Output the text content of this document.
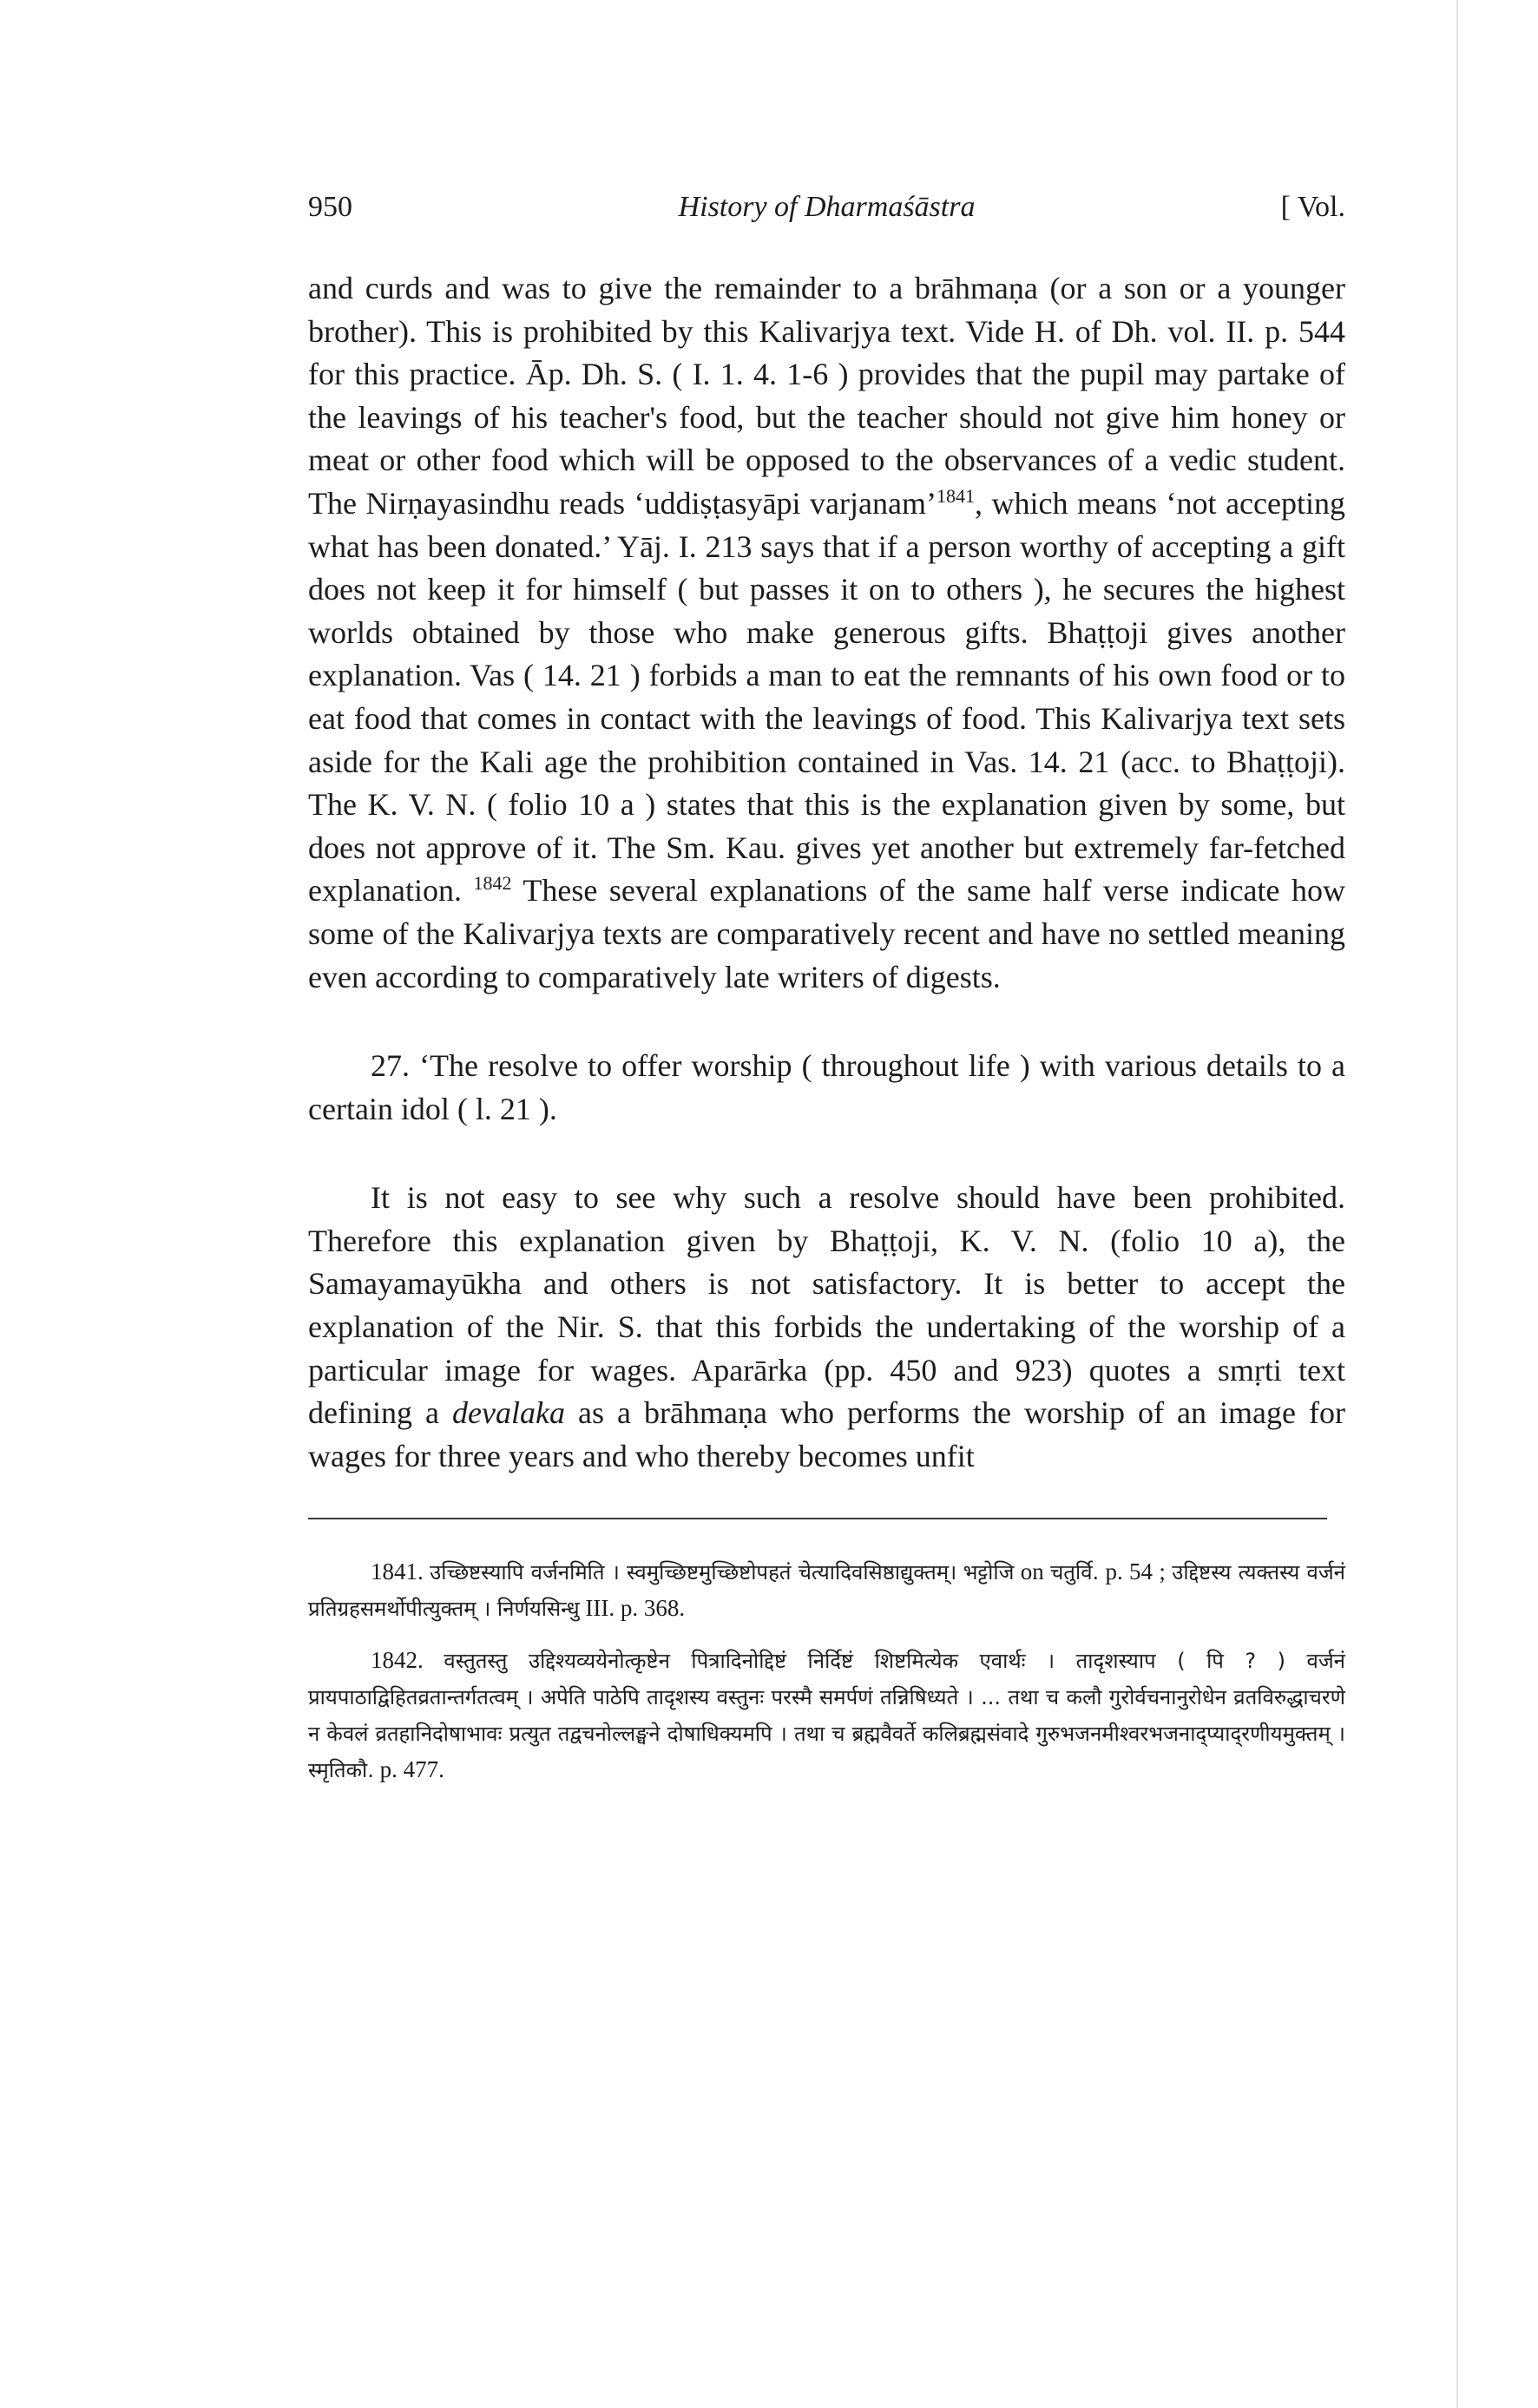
950	History of Dharmaśāstra	[ Vol.

and curds and was to give the remainder to a brāhmaṇa (or a son or a younger brother). This is prohibited by this Kalivarjya text. Vide H. of Dh. vol. II. p. 544 for this practice. Āp. Dh. S. ( I. 1. 4. 1-6 ) provides that the pupil may partake of the leavings of his teacher's food, but the teacher should not give him honey or meat or other food which will be opposed to the observances of a vedic student. The Nirṇayasindhu reads ‘uddiṣṭasyāpi varjanam’$^{1841}$, which means ‘not accepting what has been donated.’ Yāj. I. 213 says that if a person worthy of accepting a gift does not keep it for himself ( but passes it on to others ), he secures the highest worlds obtained by those who make generous gifts. Bhaṭṭoji gives another explanation. Vas ( 14. 21 ) forbids a man to eat the remnants of his own food or to eat food that comes in contact with the leavings of food. This Kalivarjya text sets aside for the Kali age the prohibition contained in Vas. 14. 21 (acc. to Bhaṭṭoji). The K. V. N. ( folio 10 a ) states that this is the explanation given by some, but does not approve of it. The Sm. Kau. gives yet another but extremely far-fetched explanation. $^{1842}$ These several explanations of the same half verse indicate how some of the Kalivarjya texts are comparatively recent and have no settled meaning even according to comparatively late writers of digests.

27. ‘The resolve to offer worship ( throughout life ) with various details to a certain idol ( l. 21 ).

It is not easy to see why such a resolve should have been prohibited. Therefore this explanation given by Bhaṭṭoji, K. V. N. (folio 10 a), the Samayamayūkha and others is not satisfactory. It is better to accept the explanation of the Nir. S. that this forbids the undertaking of the worship of a particular image for wages. Aparārka (pp. 450 and 923) quotes a smṛti text defining a devalaka as a brāhmaṇa who performs the worship of an image for wages for three years and who thereby becomes unfit

1841. उच्छिष्टस्यापि वर्जनमिति । स्वमुच्छिष्टमुच्छिष्टोपहतं चेत्यादिवसिष्ठाद्युक्तम्। भट्टोजि on चतुर्वि. p. 54 ; उद्दिष्टस्य त्यक्तस्य वर्जनं प्रतिग्रहसमर्थोपीत्युक्तम् । निर्णयसिन्धु III. p. 368.

1842. वस्तुतस्तु उद्दिश्यव्ययेनोत्कृष्टेन पित्रादिनोद्दिष्टं निर्दिष्टं शिष्टमित्येक एवार्थः । तादृशस्याप ( पि ? ) वर्जनं प्रायपाठाद्विहितव्रतान्तर्गतत्वम् । अपेति पाठेपि तादृशस्य वस्तुनः परस्मै समर्पणं तन्निषिध्यते । ... तथा च कलौ गुरोर्वचनानुरोधेन व्रतविरुद्धाचरणे न केवलं व्रतहानिदोषाभावः प्रत्युत तद्वचनोल्लङ्घने दोषाधिक्यमपि । तथा च ब्रह्मवैवर्ते कलिब्रह्मसंवादे गुरुभजनमीश्वरभजनाद्‌प्याद्‌रणीयमुक्तम् । स्मृतिकौ. p. 477.
